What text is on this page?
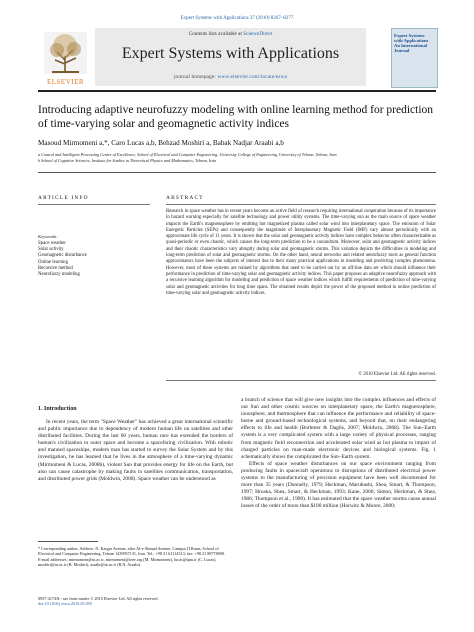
Expert Systems with Applications 37 (2010) 8267–8277
ELSEVIER
Contents lists available at ScienceDirect
Expert Systems with Applications
journal homepage: www.elsevier.com/locate/eswa
Expert Systems with Applications An International Journal
Introducing adaptive neurofuzzy modeling with online learning method for prediction of time-varying solar and geomagnetic activity indices
Masoud Mirmomeni a,*, Caro Lucas a,b, Behzad Moshiri a, Babak Nadjar Araabi a,b
a Control and Intelligent Processing Center of Excellence, School of Electrical and Computer Engineering, University College of Engineering, University of Tehran, Tehran, Iran
b School of Cognitive Sciences, Institute for Studies in Theoretical Physics and Mathematics, Tehran, Iran
ARTICLE INFO
Keywords:
Space weather
Solar activity
Geomagnetic disturbance
Online learning
Recursive method
Neurofuzzy modeling
ABSTRACT
Research in space weather has in recent years become an active field of research requiring international cooperation because of its importance in hazard warning especially for satellite technology and power utility systems. The time-varying sun as the main source of space weather impacts the Earth's magnetosphere by emitting hot magnetized plasma called solar wind into interplanetary space. The emission of Solar Energetic Particles (SEPs) and consequently the magnitude of Interplanetary Magnetic Field (IMF) vary almost periodically with an approximate life cycle of 11 years. It is shown that the solar and geomagnetic activity indices have complex behavior often characterizable as quasi-periodic or even chaotic, which causes the long-term prediction to be a conundrum. Moreover, solar and geomagnetic activity indices and their chaotic characteristics vary abruptly during solar and geomagnetic storms. This variation depicts the difficulties in modeling and long-term prediction of solar and geomagnetic storms. On the other hand, neural networks and related neurofuzzy tools as general function approximators have been the subjects of interest due to their many practical applications in modeling and predicting complex phenomena. However, most of these systems are trained by algorithms that need to be carried out by an off-line data set which should influence their performance in prediction of time-varying solar and geomagnetic activity indices. This paper proposes an adaptive neurofuzzy approach with a recursive learning algorithm for modeling and prediction of space weather indices which fulfill requirements of prediction of time-varying solar and geomagnetic activities for long time spans. The obtained results depict the power of the proposed method in online prediction of time-varying solar and geomagnetic activity indices.
© 2010 Elsevier Ltd. All rights reserved.
1. Introduction
In recent years, the term "Space Weather" has achieved a great international scientific and public importance due to dependency of modern human life on satellites and other distributed facilities. During the last 60 years, human race has extended the borders of human's civilization to outer space and become a spacefaring civilization. With robotic and manned spaceships, modern man has started to survey the Solar System and by this investigation, he has learned that he lives in the atmosphere of a time-varying dynamic (Mirmomeni & Lucas, 2008b), violent Sun that provides energy for life on the Earth, but also can cause catastrophe by making faults in satellites communication, transportation, and distributed power grids (Moldwin, 2008). Space weather can be understood as

a branch of science that will give new insights into the complex influences and effects of our Sun and other cosmic sources on interplanetary space, the Earth's magnetosphere, ionosphere, and thermosphere that can influence the performance and reliability of space-borne and ground-based technological systems, and beyond that, on their endangering effects to life and health (Bothmer & Daglis, 2007; Moldwin, 2008). The Sun–Earth system is a very complicated system with a large variety of physical processes, ranging from magnetic field reconnection and accelerated solar wind as hot plasma to impact of charged particles on man-made electronic devices and biological systems. Fig. 1 schematically shows the complicated the Sun–Earth system.

Effects of space weather disturbances on our space environment ranging from producing faults in spacecraft operations to disruptions of distributed electrical power systems to the manufacturing of precision equipment have been well documented for more than 35 years (Donnelly, 1979; Heckman, Marubashi, Shea, Smart, & Thompson, 1997; Hruska, Shea, Smart, & Heckman, 1993; Kane, 2006; Simon, Heckman, & Shea, 1986; Thompson et al., 1990). It has estimated that the space weather storms cause annual losses of the order of more than $100 million (Horwitz & Moore, 2000;

* Corresponding author. Address: N. Kargar Avenue, after Al-e Ahmad Avenue, Campus II Rams, School of Electrical and Computer Engineering, Tehran 1439957131, Iran. Tel.: +98 21 61114313; fax: +98 21 88778690.

E-mail addresses: mirmomeni@ut.ac.ir, mirmomeni@ieee.org (M. Mirmomeni), lucas@ipm.ir (C. Lucas), moshiri@ut.ac.ir (B. Moshiri), araabi@ut.ac.ir (B.N. Araabi).

0957-4174/$ - see front matter © 2010 Elsevier Ltd. All rights reserved.
doi:10.1016/j.eswa.2010.05.059
